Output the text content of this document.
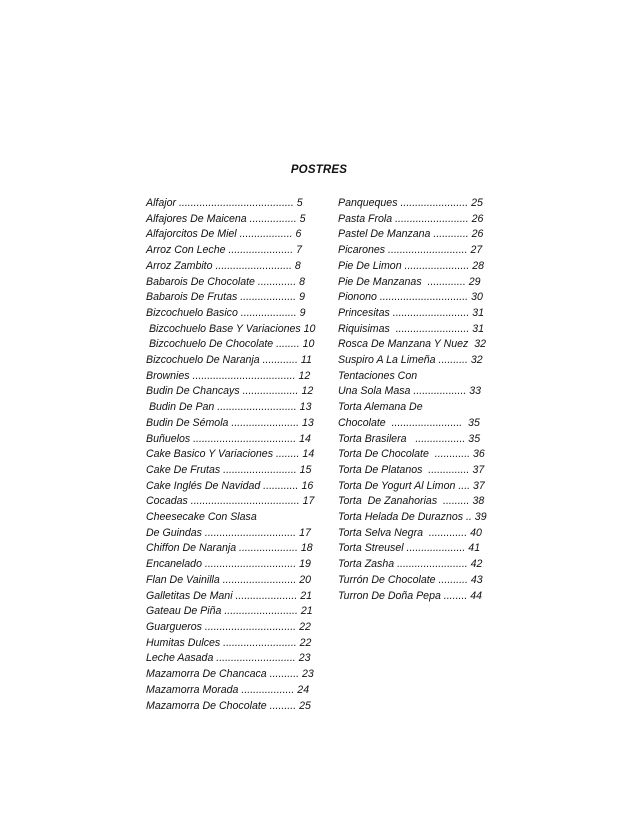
POSTRES
Alfajor ....................................... 5
Alfajores De Maicena ................ 5
Alfajorcitos De Miel .................. 6
Arroz Con Leche ...................... 7
Arroz Zambito .......................... 8
Babarois De Chocolate ............. 8
Babarois De Frutas ................... 9
Bizcochuelo Basico ................... 9
Bizcochuelo Base Y Variaciones 10
Bizcochuelo De Chocolate ........ 10
Bizcochuelo De Naranja ............ 11
Brownies ................................... 12
Budin De Chancays ................... 12
Budin De Pan ........................... 13
Budin De Sémola ....................... 13
Buñuelos ................................... 14
Cake Basico Y Variaciones ........ 14
Cake De Frutas ......................... 15
Cake Inglés De Navidad ............ 16
Cocadas ..................................... 17
Cheesecake Con Slasa
De Guindas ............................... 17
Chiffon De Naranja .................... 18
Encanelado ............................... 19
Flan De Vainilla ......................... 20
Galletitas De Mani ..................... 21
Gateau De Piña ......................... 21
Guargueros ............................... 22
Humitas Dulces ......................... 22
Leche Aasada ........................... 23
Mazamorra De Chancaca .......... 23
Mazamorra Morada .................. 24
Mazamorra De Chocolate ......... 25
Panqueques ....................... 25
Pasta Frola ......................... 26
Pastel De Manzana ............ 26
Picarones ........................... 27
Pie De Limon ...................... 28
Pie De Manzanas  ............. 29
Pionono .............................. 30
Princesitas .......................... 31
Riquisimas  ......................... 31
Rosca De Manzana Y Nuez  32
Suspiro A La Limeña .......... 32
Tentaciones Con
Una Sola Masa .................. 33
Torta Alemana De
Chocolate  ........................  35
Torta Brasilera   ................. 35
Torta De Chocolate  ............ 36
Torta De Platanos  .............. 37
Torta De Yogurt Al Limon .... 37
Torta  De Zanahorias  ......... 38
Torta Helada De Duraznos .. 39
Torta Selva Negra  ............. 40
Torta Streusel .................... 41
Torta Zasha ........................ 42
Turrón De Chocolate .......... 43
Turron De Doña Pepa ........ 44
